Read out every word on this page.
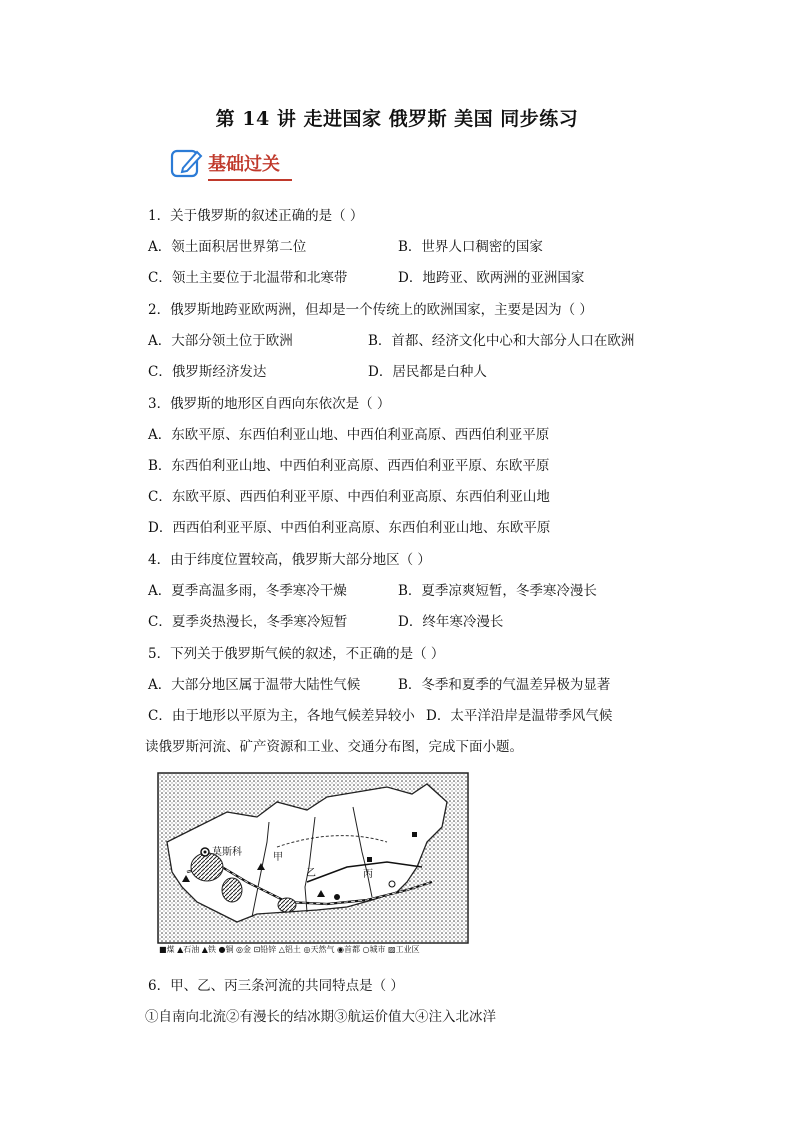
第 14 讲 走进国家 俄罗斯 美国 同步练习
基础过关
1．关于俄罗斯的叙述正确的是（ ）
A．领土面积居世界第二位	B．世界人口稠密的国家
C．领土主要位于北温带和北寒带	D．地跨亚、欧两洲的亚洲国家
2．俄罗斯地跨亚欧两洲，但却是一个传统上的欧洲国家，主要是因为（ ）
A．大部分领土位于欧洲	B．首都、经济文化中心和大部分人口在欧洲
C．俄罗斯经济发达	D．居民都是白种人
3．俄罗斯的地形区自西向东依次是（ ）
A．东欧平原、东西伯利亚山地、中西伯利亚高原、西西伯利亚平原
B．东西伯利亚山地、中西伯利亚高原、西西伯利亚平原、东欧平原
C．东欧平原、西西伯利亚平原、中西伯利亚高原、东西伯利亚山地
D．西西伯利亚平原、中西伯利亚高原、东西伯利亚山地、东欧平原
4．由于纬度位置较高，俄罗斯大部分地区（ ）
A．夏季高温多雨，冬季寒冷干燥	B．夏季凉爽短暂，冬季寒冷漫长
C．夏季炎热漫长，冬季寒冷短暂	D．终年寒冷漫长
5．下列关于俄罗斯气候的叙述，不正确的是（ ）
A．大部分地区属于温带大陆性气候	B．冬季和夏季的气温差异极为显著
C．由于地形以平原为主，各地气候差异较小 D．太平洋沿岸是温带季风气候
读俄罗斯河流、矿产资源和工业、交通分布图，完成下面小题。
莫斯科	甲
乙	丙
■煤 ▲石油 ▲铁 ●铜 ◎金 ⊡铅锌 △铝土 ◎天然气 ◉首都 ○城市 ▨工业区
6．甲、乙、丙三条河流的共同特点是（ ）
①自南向北流②有漫长的结冰期③航运价值大④注入北冰洋
